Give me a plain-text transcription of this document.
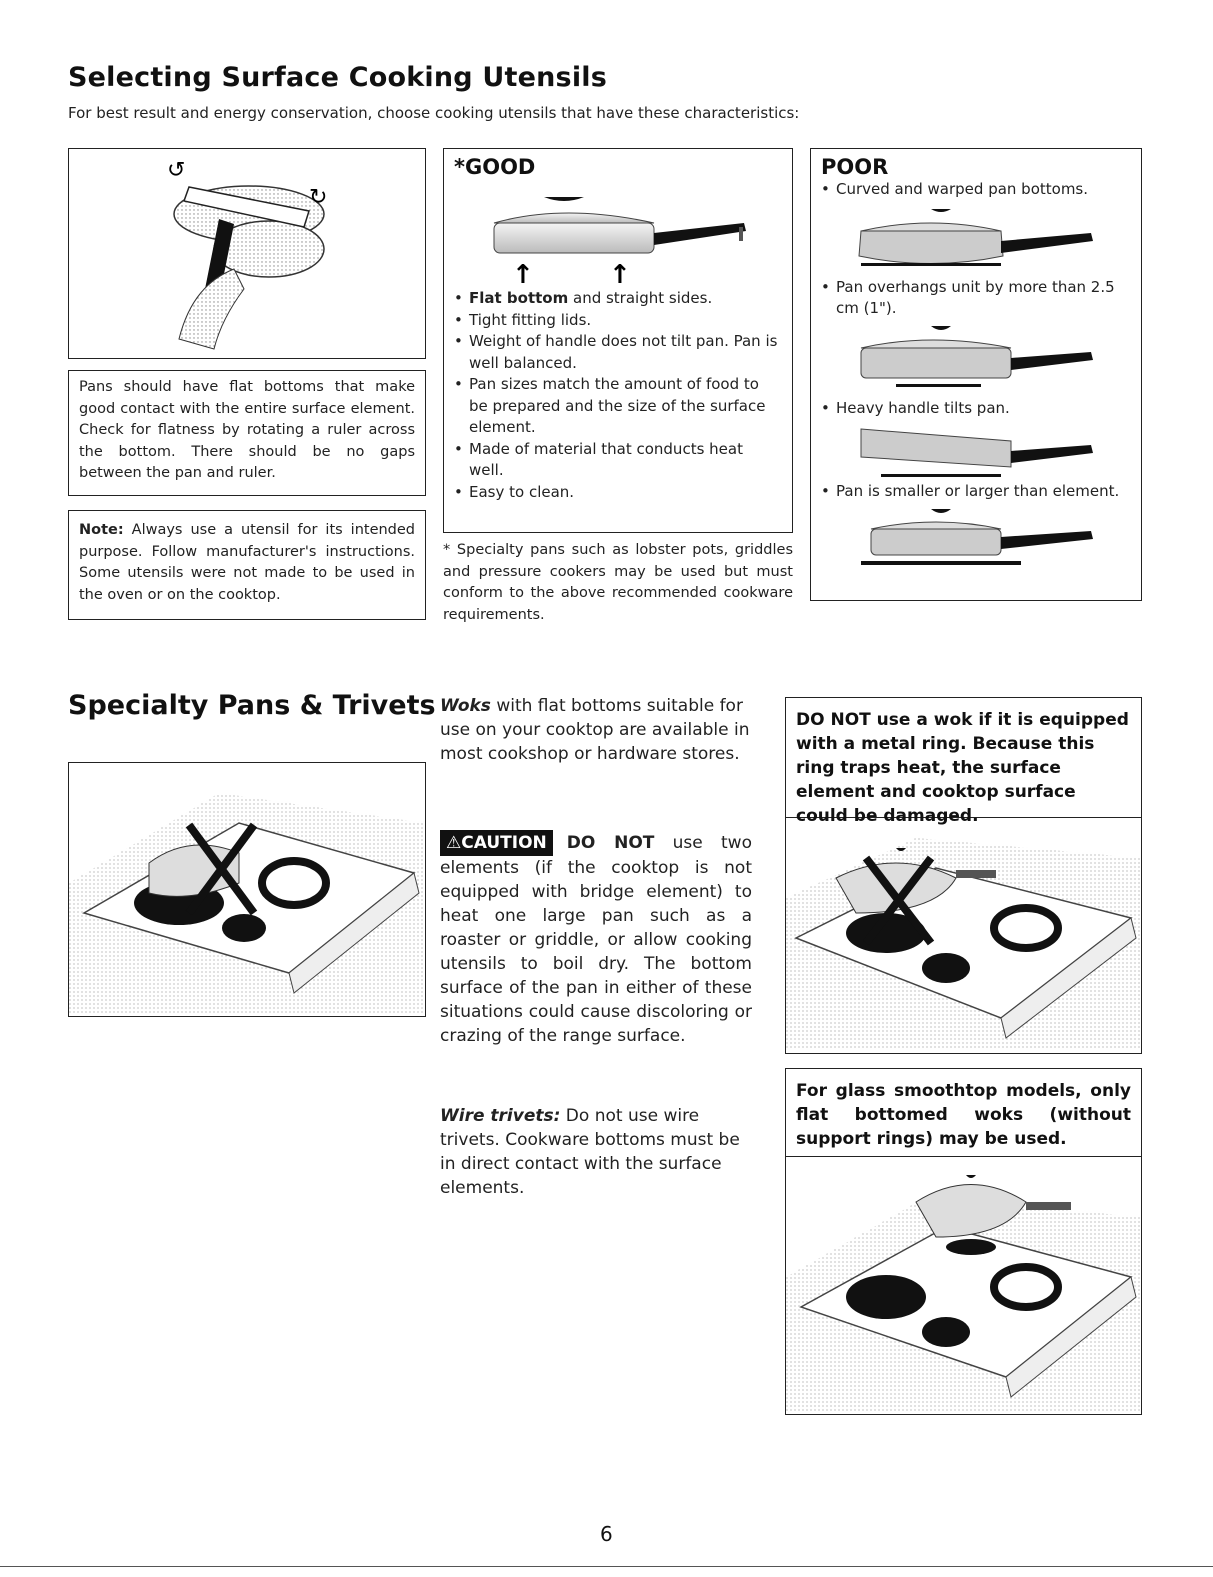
Selecting Surface Cooking Utensils
For best result and energy conservation, choose cooking utensils that have these characteristics:
↺
↻
Pans should have flat bottoms that make good contact with the entire surface element. Check for flatness by rotating a ruler across the bottom. There should be no gaps between the pan and ruler.
Note: Always use a utensil for its intended purpose. Follow manufacturer's instructions. Some utensils were not made to be used in the oven or on the cooktop.
*GOOD
↑	↑
• Flat bottom and straight sides.
• Tight fitting lids.
• Weight of handle does not tilt pan. Pan is well balanced.
• Pan sizes match the amount of food to be prepared and the size of the surface element.
• Made of material that conducts heat well.
• Easy to clean.
* Specialty pans such as lobster pots, griddles and pressure cookers may be used but must conform to the above recommended cookware requirements.
POOR
• Curved and warped pan bottoms.
• Pan overhangs unit by more than 2.5 cm (1").
• Heavy handle tilts pan.
• Pan is smaller or larger than element.
Specialty Pans & Trivets Woks with flat bottoms suitable for use on your cooktop are available in most cookshop or hardware stores.
⚠CAUTION DO NOT use two elements (if the cooktop is not equipped with bridge element) to heat one large pan such as a roaster or griddle, or allow cooking utensils to boil dry. The bottom surface of the pan in either of these situations could cause discoloring or crazing of the range surface.
Wire trivets: Do not use wire trivets. Cookware bottoms must be in direct contact with the surface elements.
DO NOT use a wok if it is equipped with a metal ring. Because this ring traps heat, the surface element and cooktop surface could be damaged.
For glass smoothtop models, only flat bottomed woks (without support rings) may be used.
6
